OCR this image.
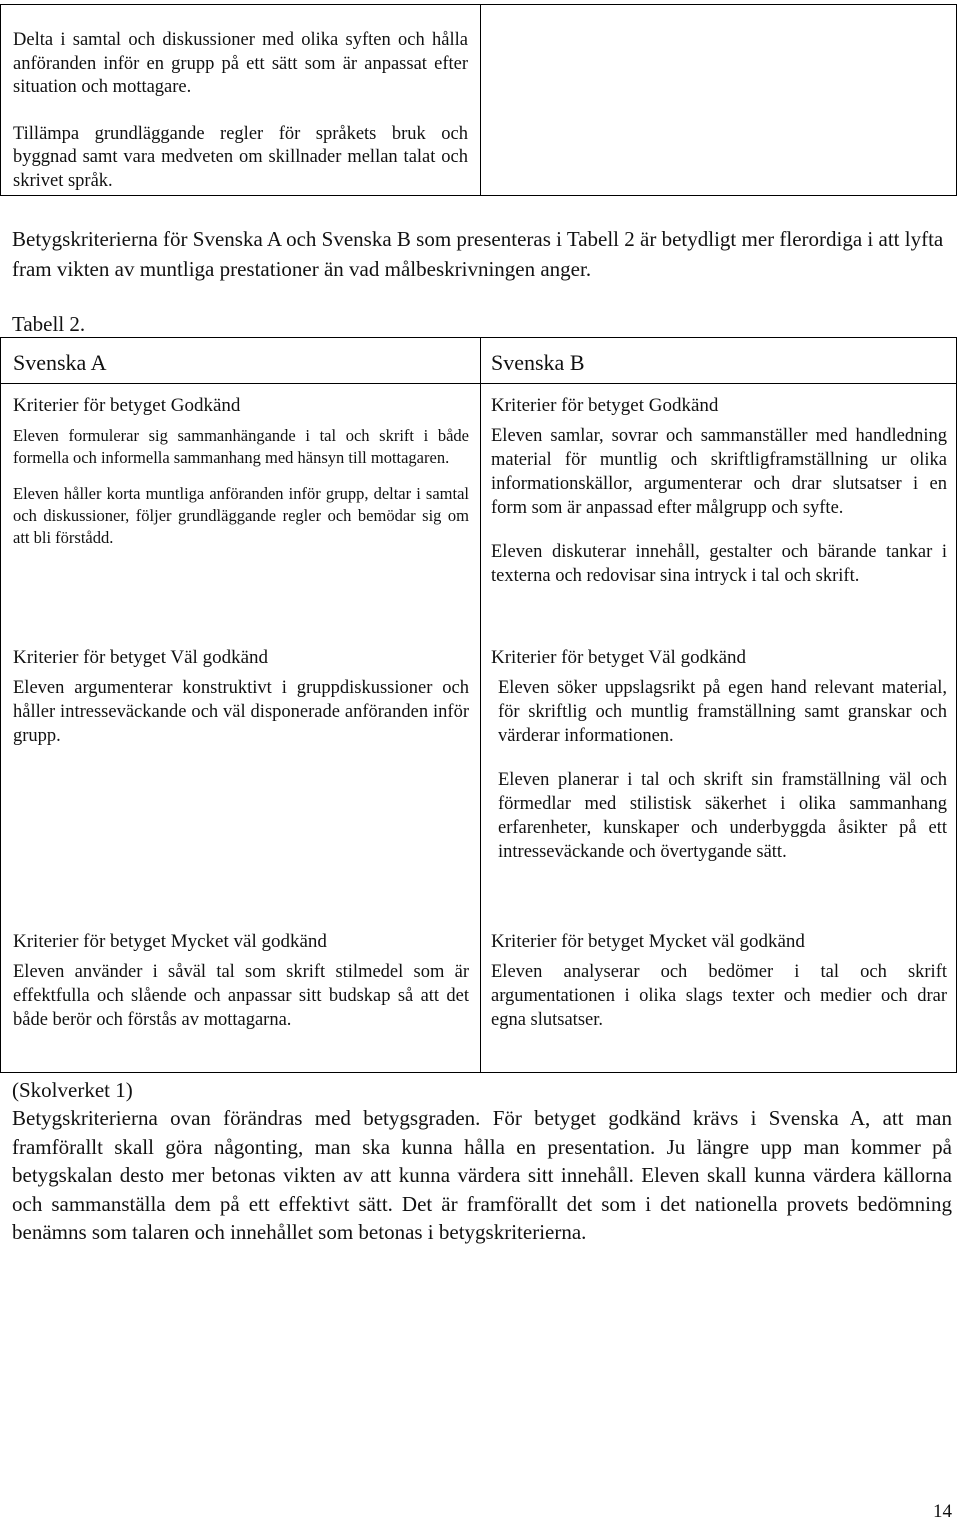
Delta i samtal och diskussioner med olika syften och hålla anföranden inför en grupp på ett sätt som är anpassat efter situation och mottagare.

Tillämpa grundläggande regler för språkets bruk och byggnad samt vara medveten om skillnader mellan talat och skrivet språk.

Betygskriterierna för Svenska A och Svenska B som presenteras i Tabell 2 är betydligt mer flerordiga i att lyfta fram vikten av muntliga prestationer än vad målbeskrivningen anger.

Tabell 2.
Svenska A	Svenska B
Kriterier för betyget Godkänd

Eleven formulerar sig sammanhängande i tal och skrift i både formella och informella sammanhang med hänsyn till mottagaren.

Eleven håller korta muntliga anföranden inför grupp, deltar i samtal och diskussioner, följer grundläggande regler och bemödar sig om att bli förstådd.

Kriterier för betyget Godkänd

Eleven samlar, sovrar och sammanställer med handledning material för muntlig och skriftligframställning ur olika informationskällor, argumenterar och drar slutsatser i en form som är anpassad efter målgrupp och syfte.

Eleven diskuterar innehåll, gestalter och bärande tankar i texterna och redovisar sina intryck i tal och skrift.

Kriterier för betyget Väl godkänd

Eleven argumenterar konstruktivt i gruppdiskussioner och håller intresseväckande och väl disponerade anföranden inför grupp.

Kriterier för betyget Väl godkänd

Eleven söker uppslagsrikt på egen hand relevant material, för skriftlig och muntlig framställning samt granskar och värderar informationen.

Eleven planerar i tal och skrift sin framställning väl och förmedlar med stilistisk säkerhet i olika sammanhang erfarenheter, kunskaper och underbyggda åsikter på ett intresseväckande och övertygande sätt.

Kriterier för betyget Mycket väl godkänd

Eleven använder i såväl tal som skrift stilmedel som är effektfulla och slående och anpassar sitt budskap så att det både berör och förstås av mottagarna.

Kriterier för betyget Mycket väl godkänd

Eleven analyserar och bedömer i tal och skrift argumentationen i olika slags texter och medier och drar egna slutsatser.

(Skolverket 1)

Betygskriterierna ovan förändras med betygsgraden. För betyget godkänd krävs i Svenska A, att man framförallt skall göra någonting, man ska kunna hålla en presentation. Ju längre upp man kommer på betygskalan desto mer betonas vikten av att kunna värdera sitt innehåll. Eleven skall kunna värdera källorna och sammanställa dem på ett effektivt sätt. Det är framförallt det som i det nationella provets bedömning benämns som talaren och innehållet som betonas i betygskriterierna.

14
